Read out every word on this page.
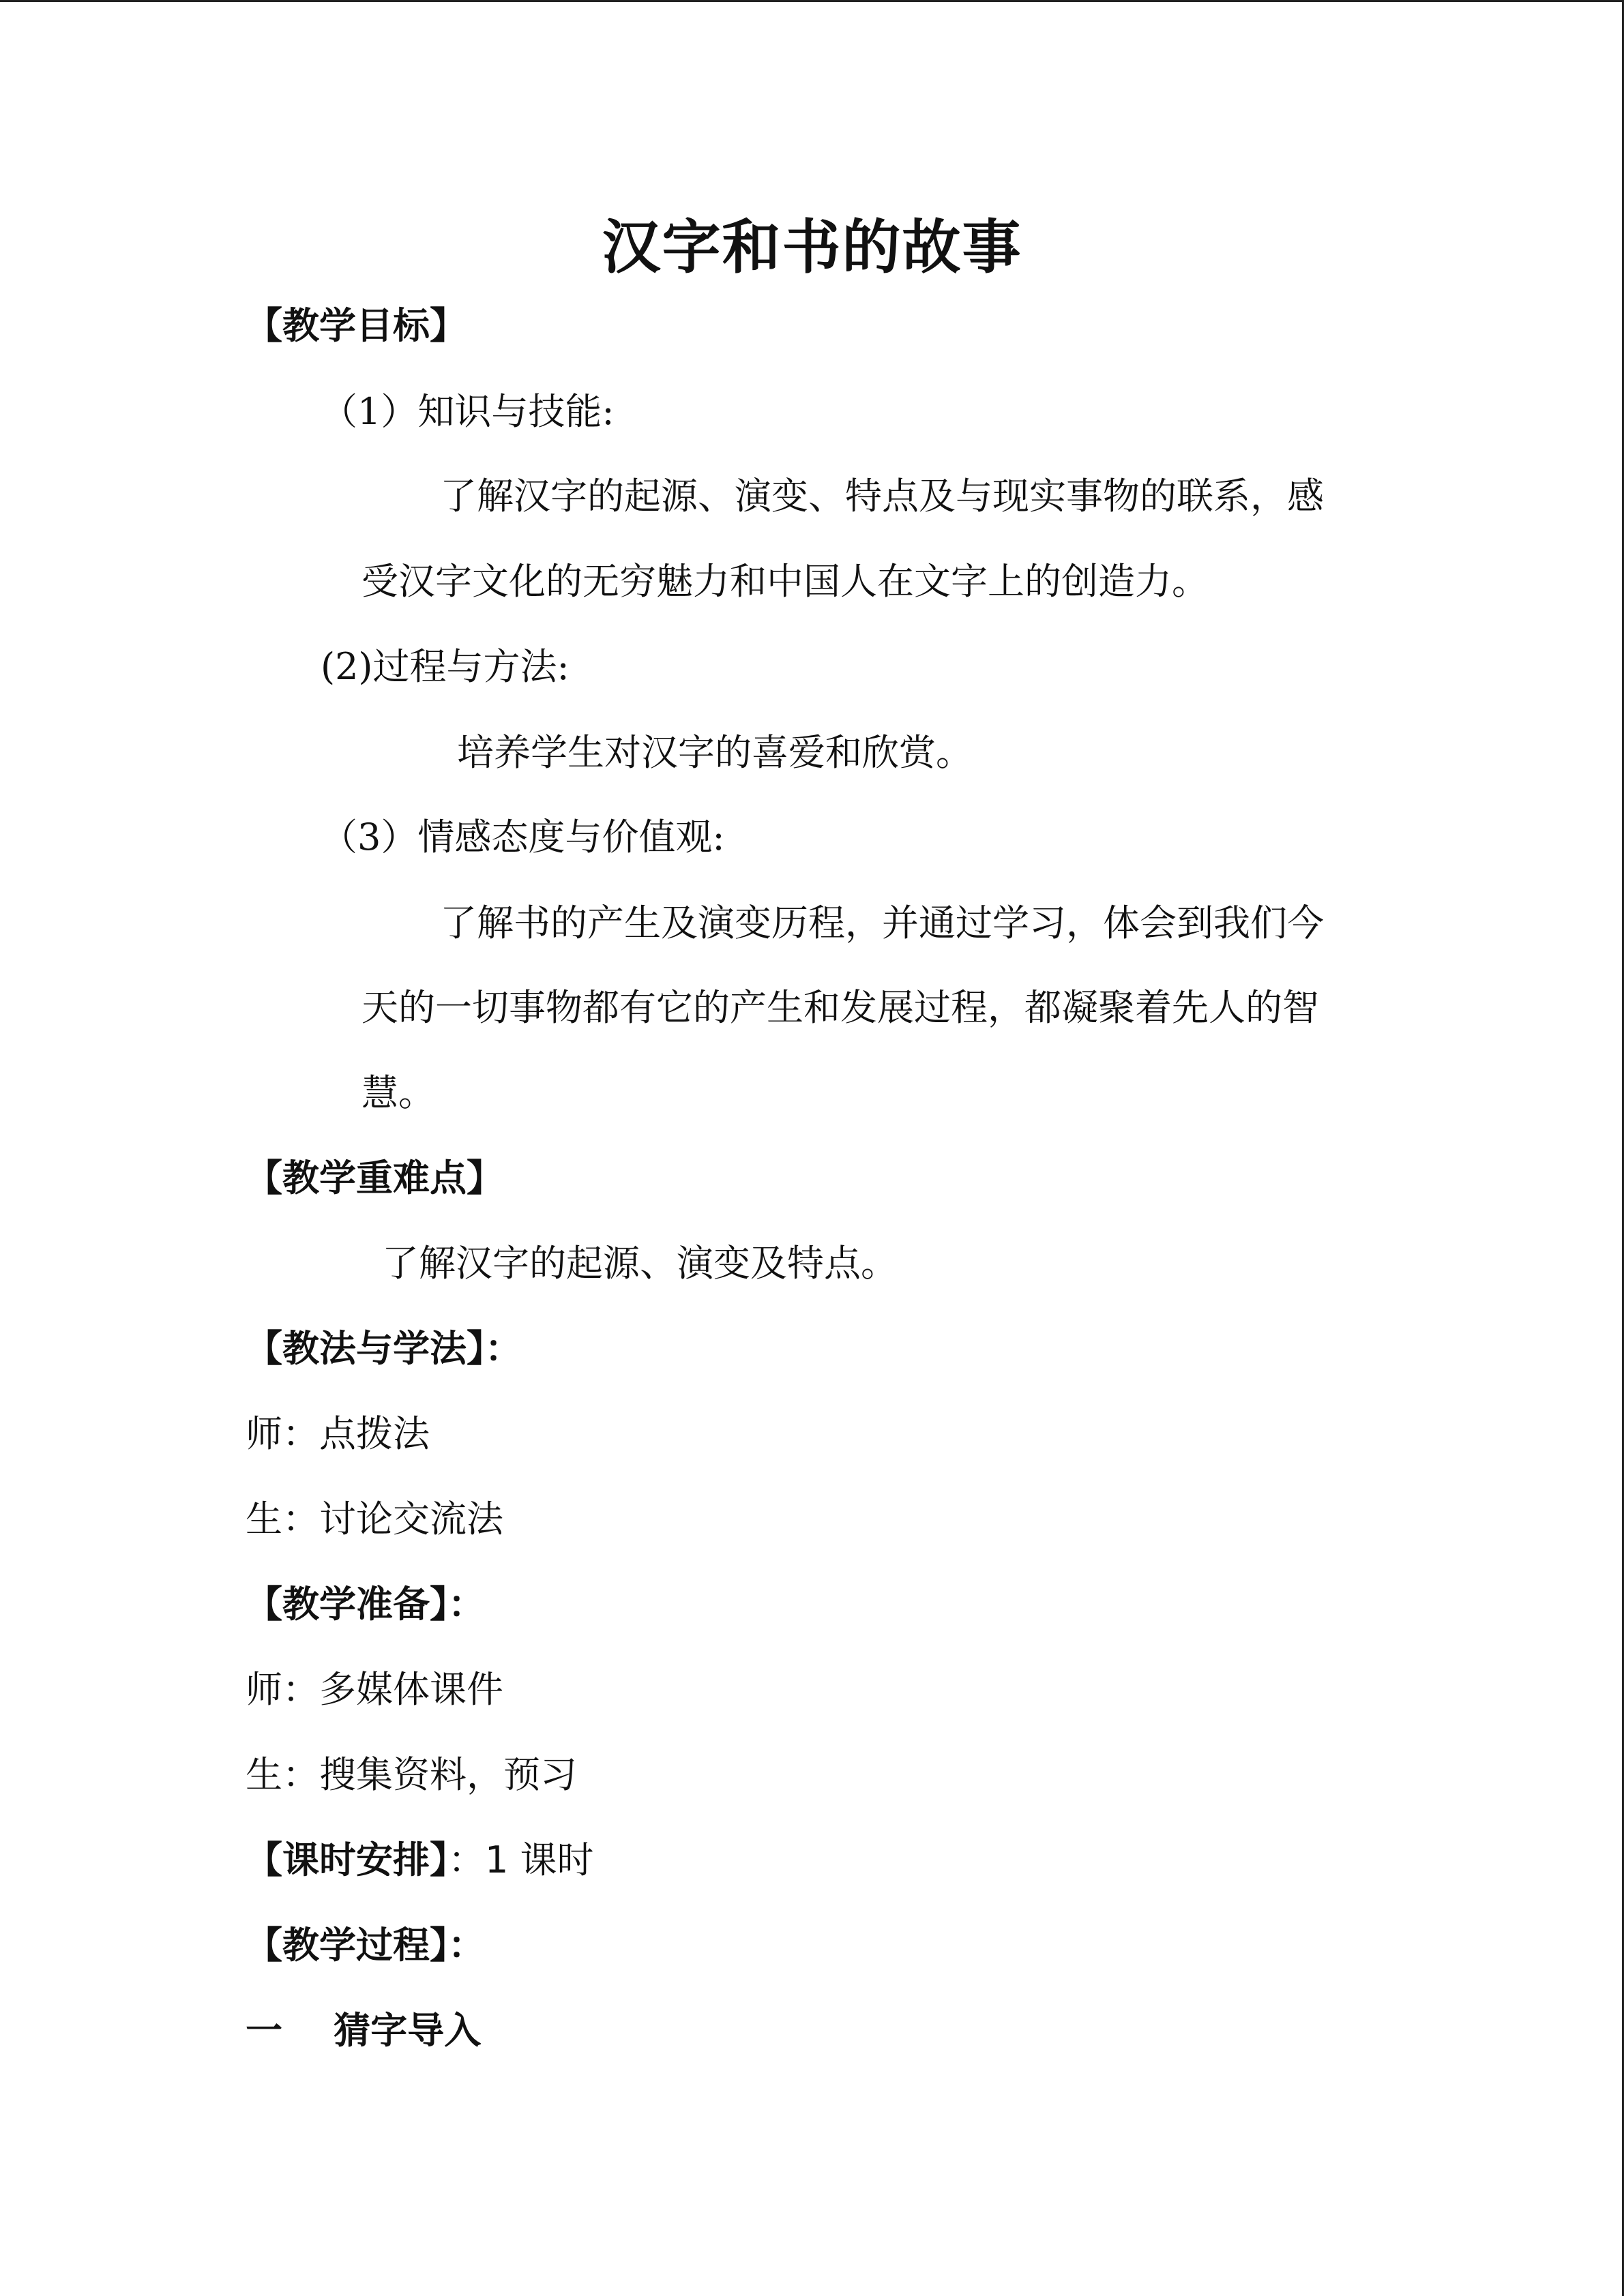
汉字和书的故事
【教学目标】
（1）知识与技能:
了解汉字的起源、演变、特点及与现实事物的联系，感
受汉字文化的无穷魅力和中国人在文字上的创造力。
(2)过程与方法:
培养学生对汉字的喜爱和欣赏。
（3）情感态度与价值观:
了解书的产生及演变历程，并通过学习，体会到我们今
天的一切事物都有它的产生和发展过程，都凝聚着先人的智
慧。
【教学重难点】
了解汉字的起源、演变及特点。
【教法与学法】：
师：点拨法
生：讨论交流法
【教学准备】：
师：多媒体课件
生：搜集资料，预习
【课时安排】：1 课时
【教学过程】：
一    猜字导入
